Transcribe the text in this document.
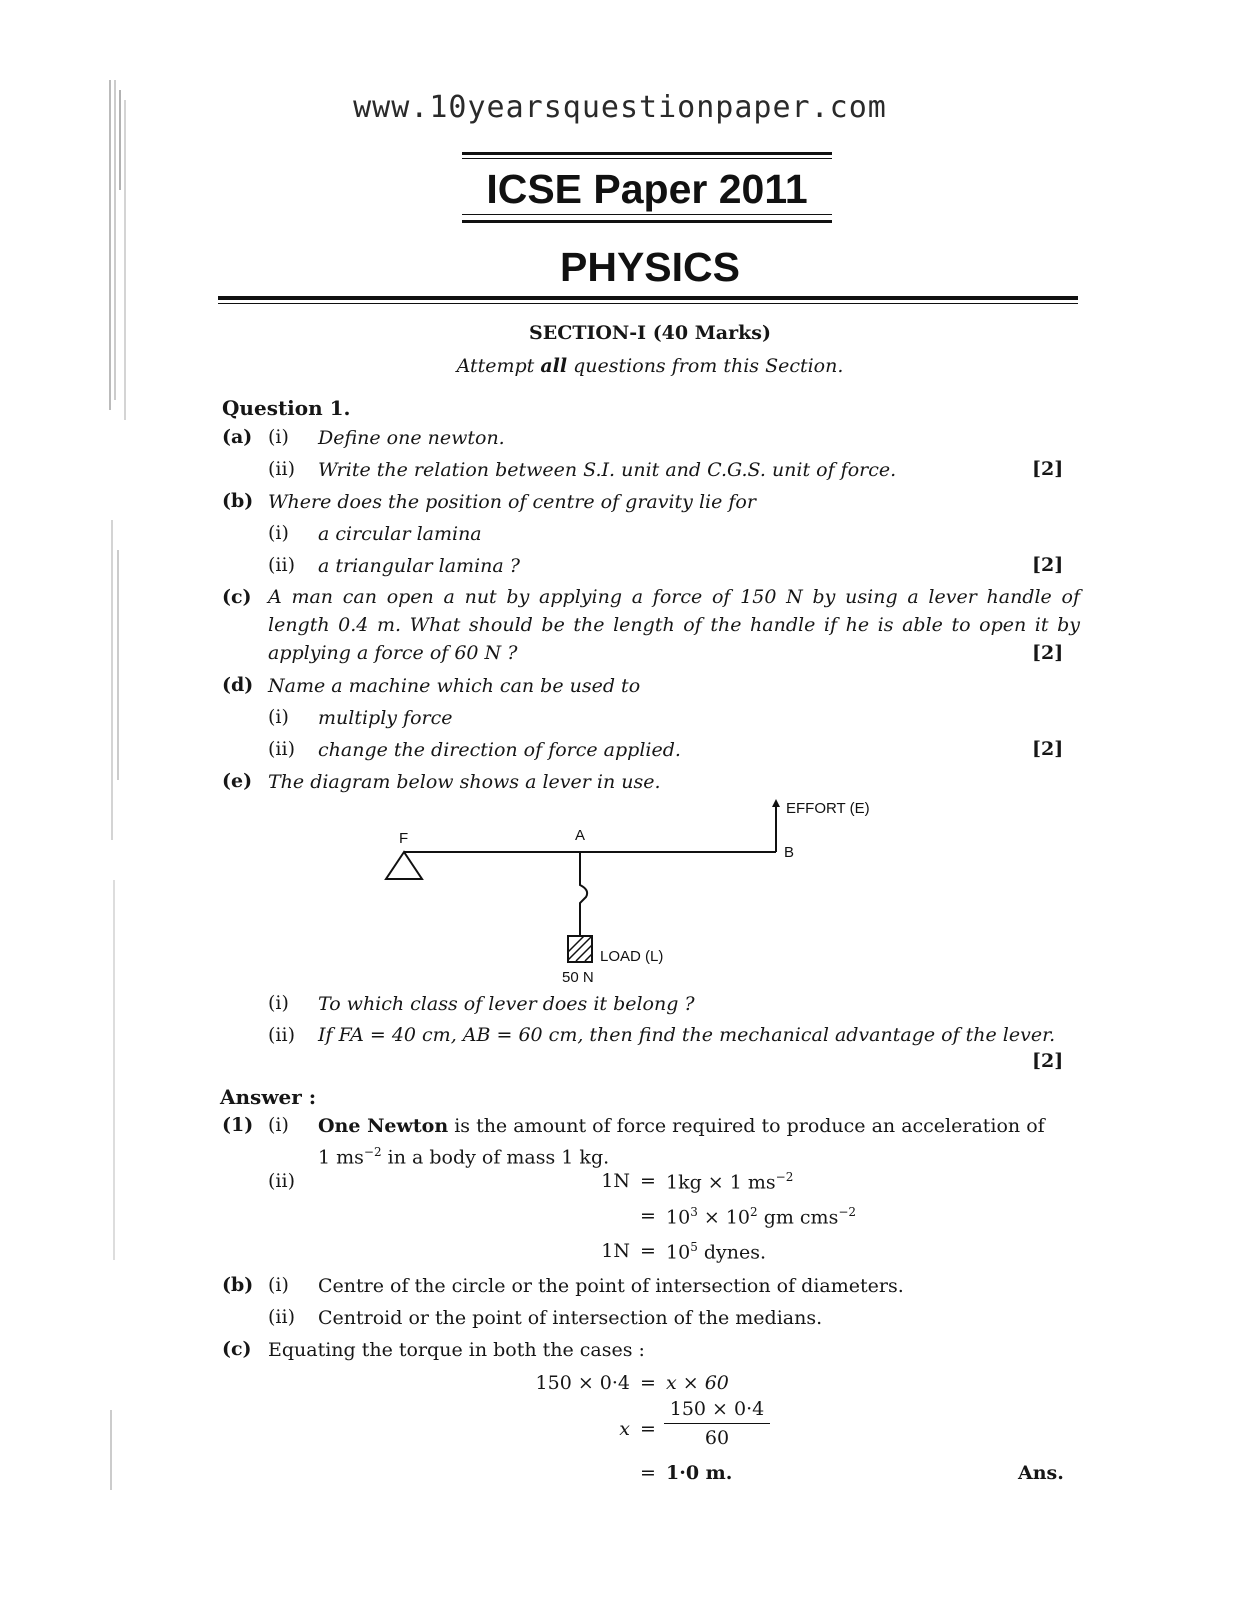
www.10yearsquestionpaper.com
ICSE Paper 2011
PHYSICS
SECTION-I (40 Marks)
Attempt all questions from this Section.
Question 1.
(a) (i) Define one newton.
(ii) Write the relation between S.I. unit and C.G.S. unit of force.	[2]
(b) Where does the position of centre of gravity lie for
(i) a circular lamina
(ii) a triangular lamina ?	[2]
(c) A man can open a nut by applying a force of 150 N by using a lever handle of length 0.4 m. What should be the length of the handle if he is able to open it by applying a force of 60 N ?	[2]
(d) Name a machine which can be used to
(i) multiply force
(ii) change the direction of force applied.	[2]
(e) The diagram below shows a lever in use.
F	A
B
EFFORT (E)
LOAD (L)
50 N
(i) To which class of lever does it belong ?
(ii) If FA = 40 cm, AB = 60 cm, then find the mechanical advantage of the lever.
[2]
Answer :
(1) (i) One Newton is the amount of force required to produce an acceleration of
1 $ms^{-2}$ in a body of mass 1 kg.
(ii)	1N = 1kg × 1 $ms^{-2}$
= $10^3 \times 10^2$ gm cms$^{-2}$
$1N = 10^5$ dynes.
(b) (i) Centre of the circle or the point of intersection of diameters.
(ii) Centroid or the point of intersection of the medians.
(c) Equating the torque in both the cases :
150 × 0·4 = x × 60
x =
150 × 0·4
60
= 1·0 m.	Ans.
